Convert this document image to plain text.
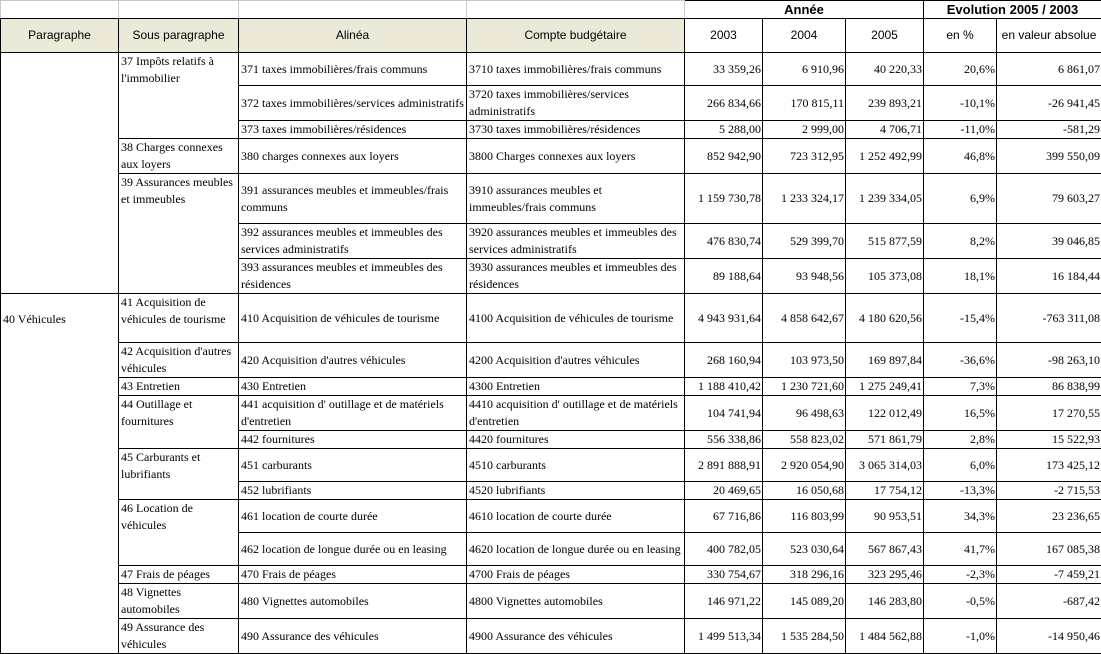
				Année			Evolution 2005 / 2003	
Paragraphe	Sous paragraphe	Alinéa	Compte budgétaire	2003	2004	2005	en %	en valeur absolue
	37 Impôts relatifs à l'immobilier	371 taxes immobilières/frais communs	3710 taxes immobilières/frais communs	33 359,26	6 910,96	40 220,33	20,6%	6 861,07
		372 taxes immobilières/services administratifs	3720 taxes immobilières/services administratifs	266 834,66	170 815,11	239 893,21	-10,1%	-26 941,45
		373 taxes immobilières/résidences	3730 taxes immobilières/résidences	5 288,00	2 999,00	4 706,71	-11,0%	-581,29
	38 Charges connexes aux loyers	380 charges connexes aux loyers	3800 Charges connexes aux loyers	852 942,90	723 312,95	1 252 492,99	46,8%	399 550,09
	39 Assurances meubles et immeubles	391 assurances meubles et immeubles/frais communs	3910 assurances meubles et immeubles/frais communs	1 159 730,78	1 233 324,17	1 239 334,05	6,9%	79 603,27
		392 assurances meubles et immeubles des services administratifs	3920 assurances meubles et immeubles des services administratifs	476 830,74	529 399,70	515 877,59	8,2%	39 046,85
		393 assurances meubles et immeubles des résidences	3930 assurances meubles et immeubles des résidences	89 188,64	93 948,56	105 373,08	18,1%	16 184,44
40 Véhicules	41 Acquisition de véhicules de tourisme	410 Acquisition de véhicules de tourisme	4100 Acquisition de véhicules de tourisme	4 943 931,64	4 858 642,67	4 180 620,56	-15,4%	-763 311,08
	42 Acquisition d'autres véhicules	420 Acquisition d'autres véhicules	4200 Acquisition d'autres véhicules	268 160,94	103 973,50	169 897,84	-36,6%	-98 263,10
	43 Entretien	430 Entretien	4300 Entretien	1 188 410,42	1 230 721,60	1 275 249,41	7,3%	86 838,99
	44 Outillage et fournitures	441 acquisition d' outillage et de matériels d'entretien	4410 acquisition d' outillage et de matériels d'entretien	104 741,94	96 498,63	122 012,49	16,5%	17 270,55
		442 fournitures	4420 fournitures	556 338,86	558 823,02	571 861,79	2,8%	15 522,93
	45 Carburants et lubrifiants	451 carburants	4510 carburants	2 891 888,91	2 920 054,90	3 065 314,03	6,0%	173 425,12
		452 lubrifiants	4520 lubrifiants	20 469,65	16 050,68	17 754,12	-13,3%	-2 715,53
	46 Location de véhicules	461 location de courte durée	4610 location de courte durée	67 716,86	116 803,99	90 953,51	34,3%	23 236,65
		462 location de longue durée ou en leasing	4620 location de longue durée ou en leasing	400 782,05	523 030,64	567 867,43	41,7%	167 085,38
	47 Frais de péages	470 Frais de péages	4700 Frais de péages	330 754,67	318 296,16	323 295,46	-2,3%	-7 459,21
	48 Vignettes automobiles	480 Vignettes automobiles	4800 Vignettes automobiles	146 971,22	145 089,20	146 283,80	-0,5%	-687,42
	49 Assurance des véhicules	490 Assurance des véhicules	4900 Assurance des véhicules	1 499 513,34	1 535 284,50	1 484 562,88	-1,0%	-14 950,46
